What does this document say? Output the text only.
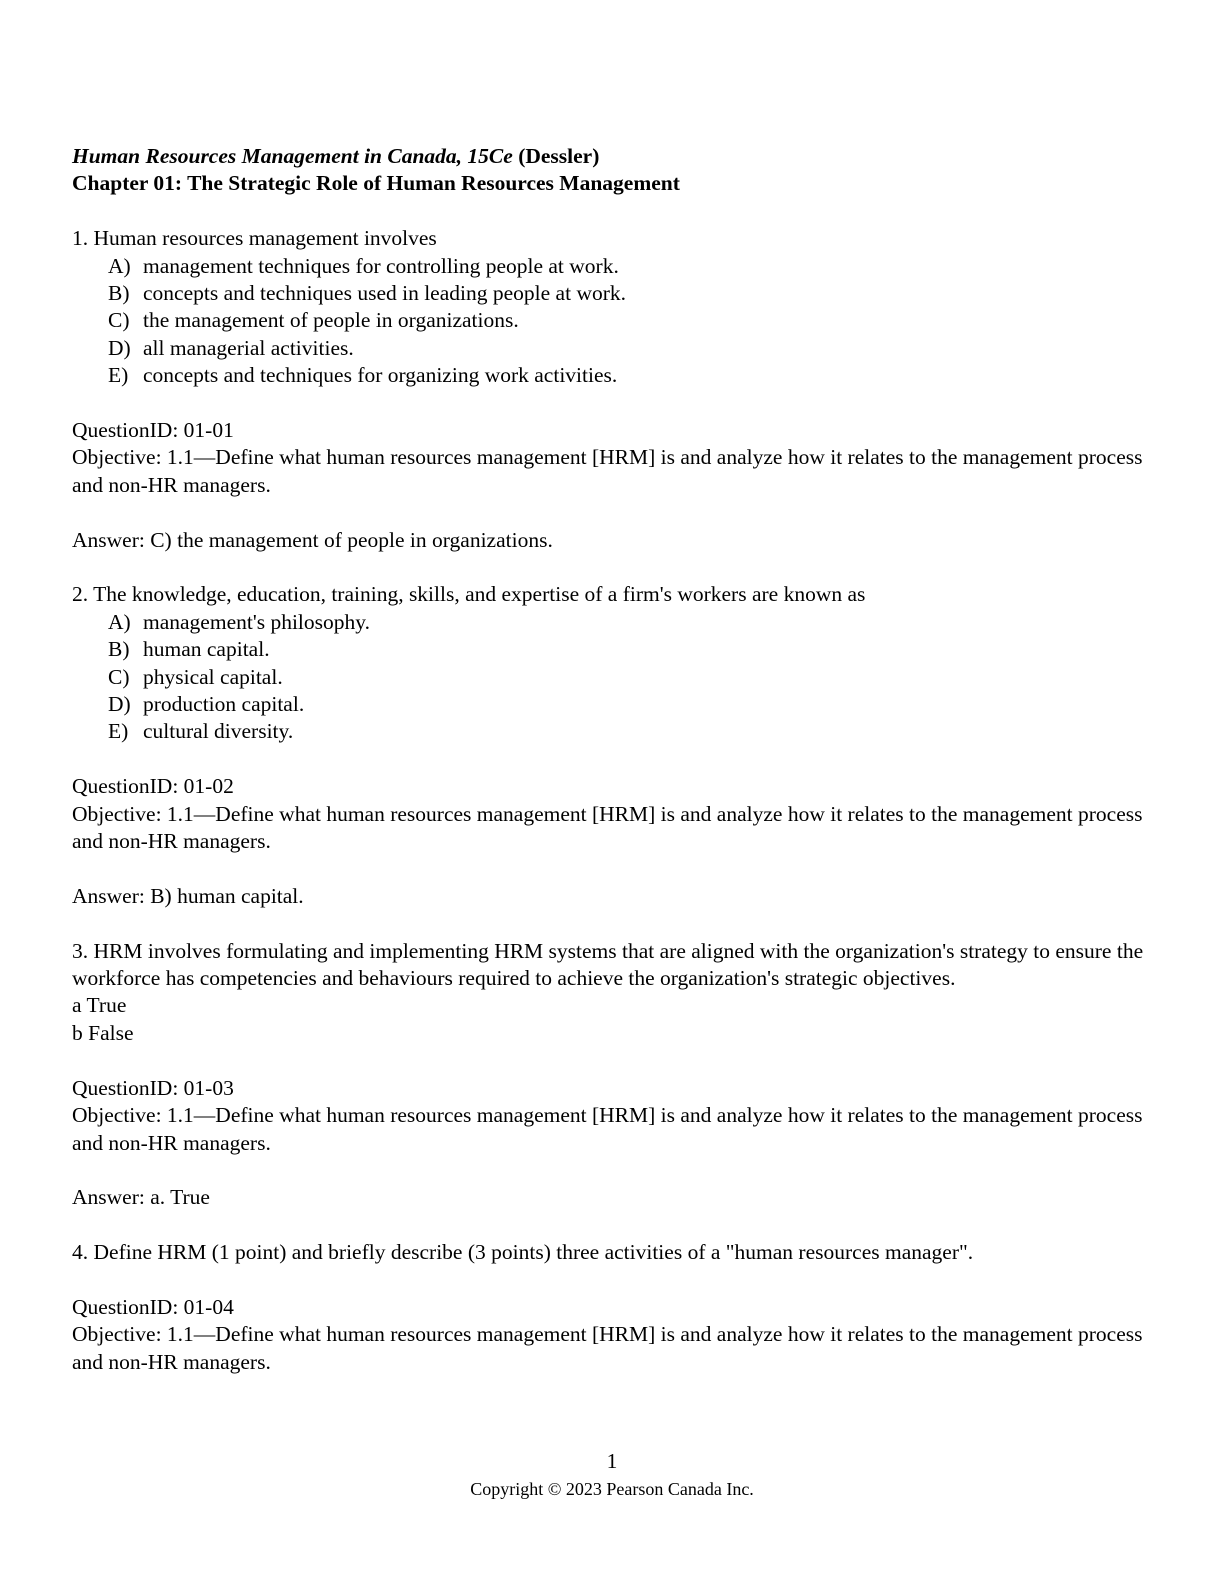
Human Resources Management in Canada, 15Ce (Dessler)
Chapter 01: The Strategic Role of Human Resources Management
1. Human resources management involves
A) management techniques for controlling people at work.
B) concepts and techniques used in leading people at work.
C) the management of people in organizations.
D) all managerial activities.
E) concepts and techniques for organizing work activities.
QuestionID: 01-01
Objective: 1.1—Define what human resources management [HRM] is and analyze how it relates to the management process and non-HR managers.
Answer: C) the management of people in organizations.
2. The knowledge, education, training, skills, and expertise of a firm's workers are known as
A) management's philosophy.
B) human capital.
C) physical capital.
D) production capital.
E) cultural diversity.
QuestionID: 01-02
Objective: 1.1—Define what human resources management [HRM] is and analyze how it relates to the management process and non-HR managers.
Answer: B) human capital.
3. HRM involves formulating and implementing HRM systems that are aligned with the organization's strategy to ensure the workforce has competencies and behaviours required to achieve the organization's strategic objectives.
a True
b False
QuestionID: 01-03
Objective: 1.1—Define what human resources management [HRM] is and analyze how it relates to the management process and non-HR managers.
Answer: a. True
4. Define HRM (1 point) and briefly describe (3 points) three activities of a "human resources manager".
QuestionID: 01-04
Objective: 1.1—Define what human resources management [HRM] is and analyze how it relates to the management process and non-HR managers.
1
Copyright © 2023 Pearson Canada Inc.
